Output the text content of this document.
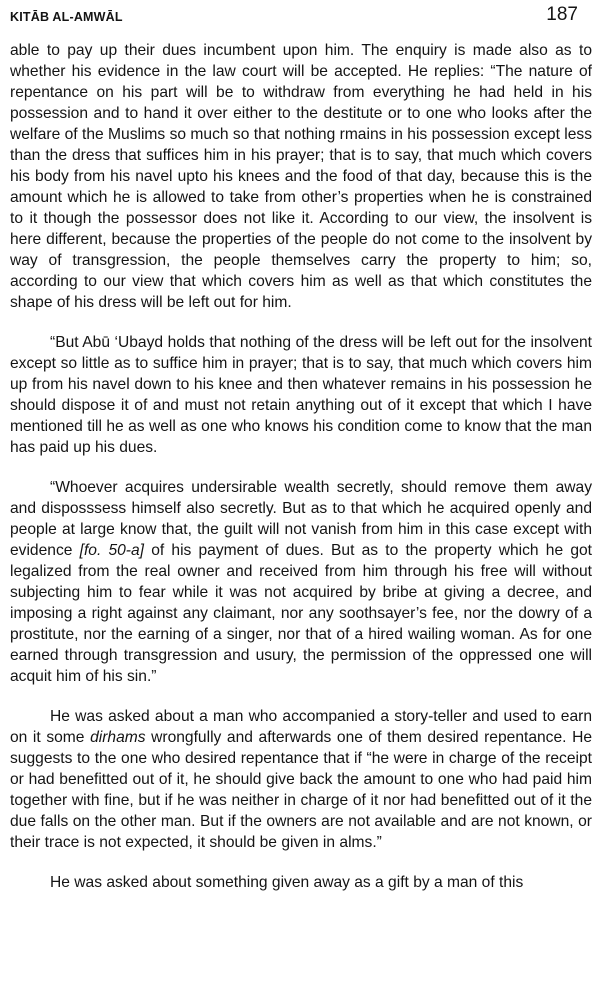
KITĀB AL-AMWĀL	187

able to pay up their dues incumbent upon him. The enquiry is made also as to whether his evidence in the law court will be accepted. He replies: “The nature of repentance on his part will be to withdraw from everything he had held in his possession and to hand it over either to the destitute or to one who looks after the welfare of the Muslims so much so that nothing rmains in his possession except less than the dress that suffices him in his prayer; that is to say, that much which covers his body from his navel upto his knees and the food of that day, because this is the amount which he is allowed to take from other’s properties when he is constrained to it though the possessor does not like it. According to our view, the insolvent is here different, because the properties of the people do not come to the insolvent by way of transgression, the people themselves carry the property to him; so, according to our view that which covers him as well as that which constitutes the shape of his dress will be left out for him.

“But Abū ‘Ubayd holds that nothing of the dress will be left out for the insolvent except so little as to suffice him in prayer; that is to say, that much which covers him up from his navel down to his knee and then whatever remains in his possession he should dispose it of and must not retain anything out of it except that which I have mentioned till he as well as one who knows his condition come to know that the man has paid up his dues.

“Whoever acquires undersirable wealth secretly, should remove them away and disposssess himself also secretly. But as to that which he acquired openly and people at large know that, the guilt will not vanish from him in this case except with evidence [fo. 50-a] of his payment of dues. But as to the property which he got legalized from the real owner and received from him through his free will without subjecting him to fear while it was not acquired by bribe at giving a decree, and imposing a right against any claimant, nor any soothsayer’s fee, nor the dowry of a prostitute, nor the earning of a singer, nor that of a hired wailing woman. As for one earned through transgression and usury, the permission of the oppressed one will acquit him of his sin.”

He was asked about a man who accompanied a story-teller and used to earn on it some dirhams wrongfully and afterwards one of them desired repentance. He suggests to the one who desired repentance that if “he were in charge of the receipt or had benefitted out of it, he should give back the amount to one who had paid him together with fine, but if he was neither in charge of it nor had benefitted out of it the due falls on the other man. But if the owners are not available and are not known, or their trace is not expected, it should be given in alms.”

He was asked about something given away as a gift by a man of this
